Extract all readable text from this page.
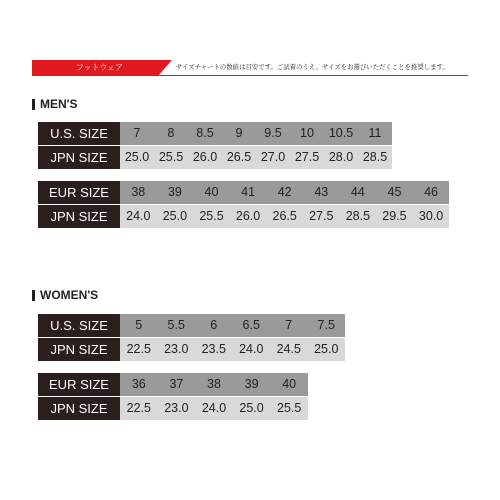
フットウェア	サイズチャートの数値は目安です。ご試着のうえ、サイズをお選びいただくことを推奨します。
MEN'S
U.S. SIZE	7	8	8.5	9	9.5	10	10.5	11
JPN SIZE	25.0 25.5 26.0 26.5 27.0 27.5 28.0 28.5
EUR SIZE	38	39	40	41	42	43	44	45	46
JPN SIZE	24.0 25.0 25.5 26.0 26.5 27.5 28.5 29.5 30.0
WOMEN'S
U.S. SIZE	5	5.5	6	6.5	7	7.5
JPN SIZE	22.5	23.0	23.5	24.0	24.5	25.0
EUR SIZE	36	37	38	39	40
JPN SIZE	22.5	23.0	24.0	25.0	25.5
